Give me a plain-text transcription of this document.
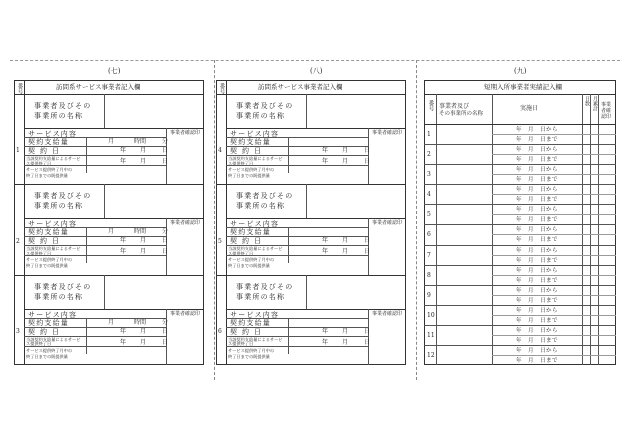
(七)	(八)	(九)
番号	訪問系サービス事業者記入欄
1
事業者及びその
事業所の名称
サービス内容	事業者確認印
契約支給量	月	時間	分
契約日	年 月	日
当該契約支給量によるサービス提供終了日	年 月	日
サービス提供終了月中の
終了日までの既提供量
2
事業者及びその
事業所の名称
サービス内容	事業者確認印
契約支給量	月	時間	分
契約日	年 月	日
当該契約支給量によるサービス提供終了日	年 月	日
サービス提供終了月中の
終了日までの既提供量
3
事業者及びその
事業所の名称
サービス内容	事業者確認印
契約支給量	月	時間	分
契約日	年 月	日
当該契約支給量によるサービス提供終了日	年 月	日
サービス提供終了月中の
終了日までの既提供量
番号	訪問系サービス事業者記入欄
4
事業者及びその
事業所の名称
サービス内容	事業者確認印
契約支給量
契約日	年 月	日
当該契約支給量によるサービス提供終了日	年 月	日
サービス提供終了月中の
終了日までの既提供量
5
事業者及びその
事業所の名称
サービス内容	事業者確認印
契約支給量
契約日	年 月	日
当該契約支給量によるサービス提供終了日	年 月	日
サービス提供終了月中の
終了日までの既提供量
6
事業者及びその
事業所の名称
サービス内容	事業者確認印
契約支給量
契約日	年 月	日
当該契約支給量によるサービス提供終了日	年 月	日
サービス提供終了月中の
終了日までの既提供量
短期入所事業者実績記入欄
番号 事業者及び
その事業所の名称
実施日
日数 月累計 事業者確認印
1
年　月　日から
年　月　日まで
2
年　月　日から
年　月　日まで
3
年　月　日から
年　月　日まで
4
年　月　日から
年　月　日まで
5
年　月　日から
年　月　日まで
6
年　月　日から
年　月　日まで
7
年　月　日から
年　月　日まで
8
年　月　日から
年　月　日まで
9
年　月　日から
年　月　日まで
10
年　月　日から
年　月　日まで
11
年　月　日から
年　月　日まで
12
年　月　日から
年　月　日まで
